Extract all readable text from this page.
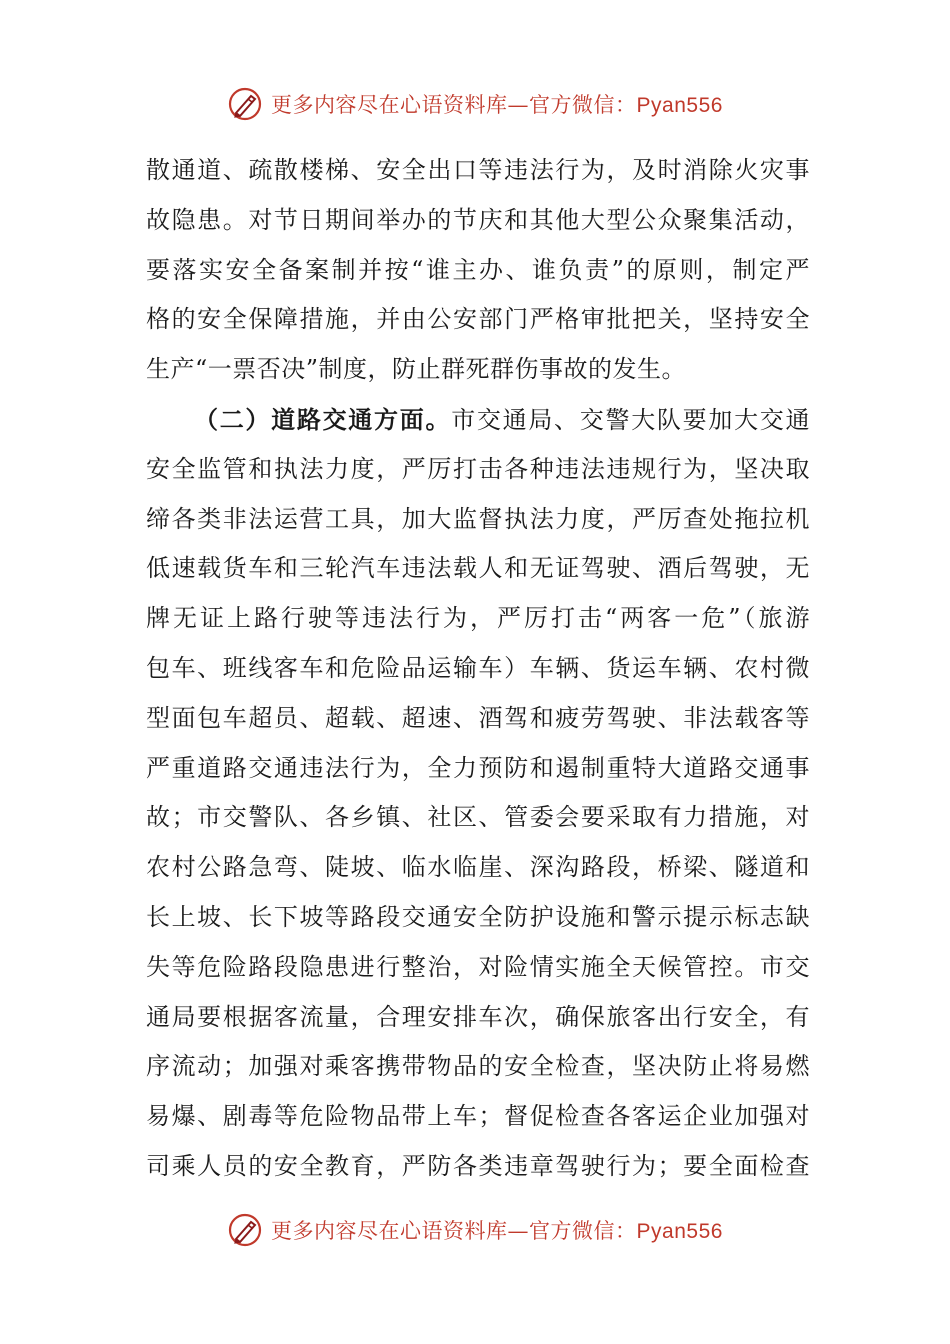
更多内容尽在心语资料库—官方微信：Pyan556
散通道、疏散楼梯、安全出口等违法行为，及时消除火灾事
故隐患。对节日期间举办的节庆和其他大型公众聚集活动，
要落实安全备案制并按“谁主办、谁负责”的原则，制定严
格的安全保障措施，并由公安部门严格审批把关，坚持安全
生产“一票否决”制度，防止群死群伤事故的发生。
（二）道路交通方面。市交通局、交警大队要加大交通
安全监管和执法力度，严厉打击各种违法违规行为，坚决取
缔各类非法运营工具，加大监督执法力度，严厉查处拖拉机
低速载货车和三轮汽车违法载人和无证驾驶、酒后驾驶，无
牌无证上路行驶等违法行为，严厉打击“两客一危”（旅游
包车、班线客车和危险品运输车）车辆、货运车辆、农村微
型面包车超员、超载、超速、酒驾和疲劳驾驶、非法载客等
严重道路交通违法行为，全力预防和遏制重特大道路交通事
故；市交警队、各乡镇、社区、管委会要采取有力措施，对
农村公路急弯、陡坡、临水临崖、深沟路段，桥梁、隧道和
长上坡、长下坡等路段交通安全防护设施和警示提示标志缺
失等危险路段隐患进行整治，对险情实施全天候管控。市交
通局要根据客流量，合理安排车次，确保旅客出行安全，有
序流动；加强对乘客携带物品的安全检查，坚决防止将易燃
易爆、剧毒等危险物品带上车；督促检查各客运企业加强对
司乘人员的安全教育，严防各类违章驾驶行为；要全面检查
更多内容尽在心语资料库—官方微信：Pyan556
